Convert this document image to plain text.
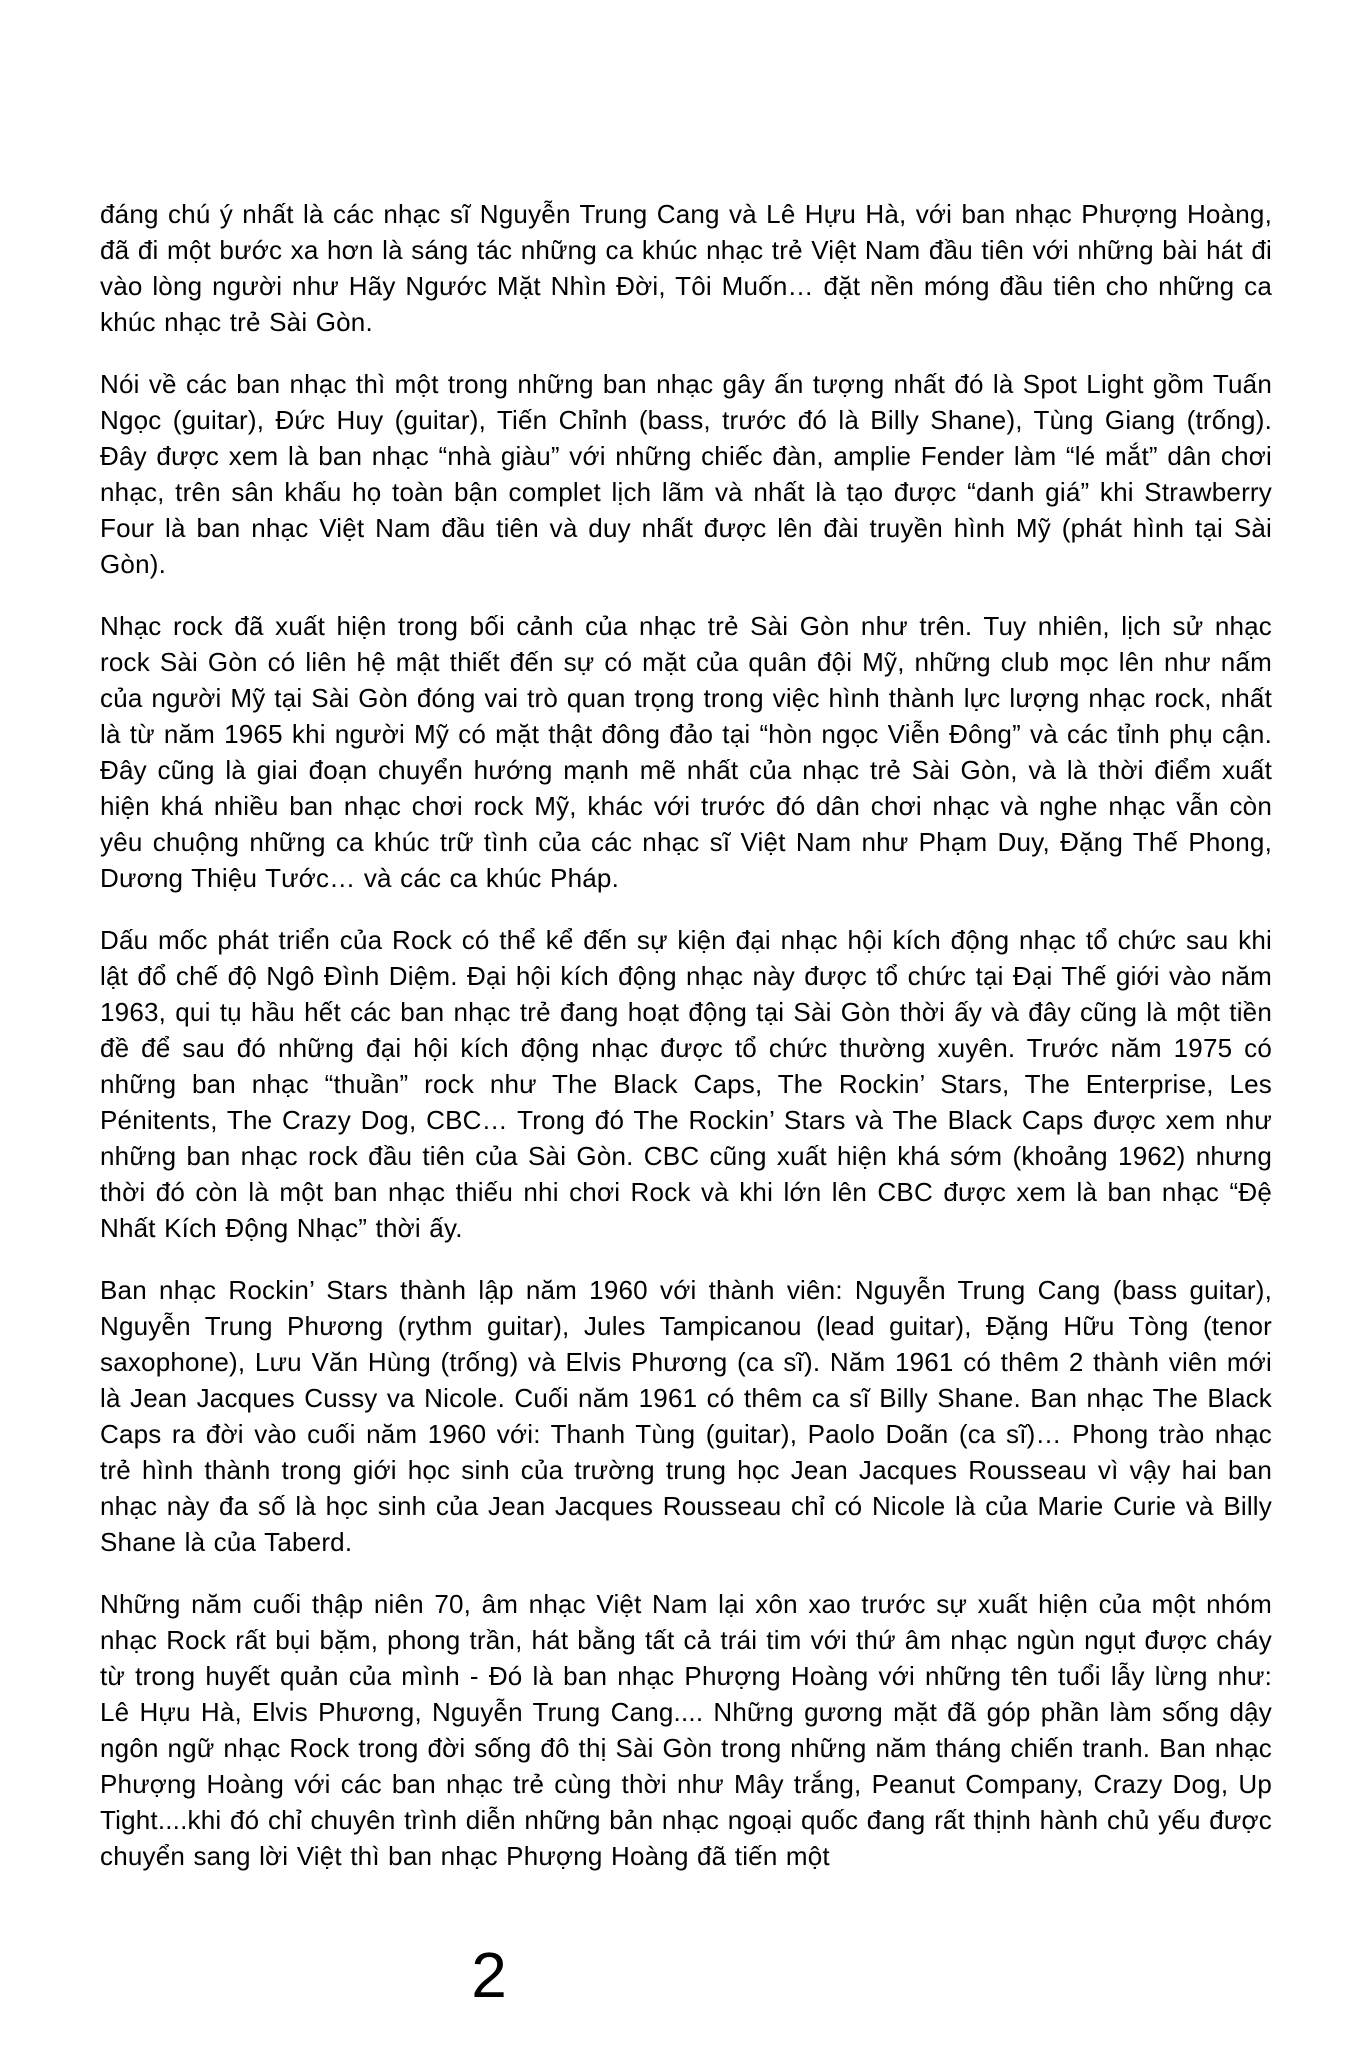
đáng chú ý nhất là các nhạc sĩ Nguyễn Trung Cang và Lê Hựu Hà, với ban nhạc Phượng Hoàng, đã đi một bước xa hơn là sáng tác những ca khúc nhạc trẻ Việt Nam đầu tiên với những bài hát đi vào lòng người như Hãy Ngước Mặt Nhìn Đời, Tôi Muốn… đặt nền móng đầu tiên cho những ca khúc nhạc trẻ Sài Gòn.

Nói về các ban nhạc thì một trong những ban nhạc gây ấn tượng nhất đó là Spot Light gồm Tuấn Ngọc (guitar), Đức Huy (guitar), Tiến Chỉnh (bass, trước đó là Billy Shane), Tùng Giang (trống). Đây được xem là ban nhạc “nhà giàu” với những chiếc đàn, amplie Fender làm “lé mắt” dân chơi nhạc, trên sân khấu họ toàn bận complet lịch lãm và nhất là tạo được “danh giá” khi Strawberry Four là ban nhạc Việt Nam đầu tiên và duy nhất được lên đài truyền hình Mỹ (phát hình tại Sài Gòn).

Nhạc rock đã xuất hiện trong bối cảnh của nhạc trẻ Sài Gòn như trên. Tuy nhiên, lịch sử nhạc rock Sài Gòn có liên hệ mật thiết đến sự có mặt của quân đội Mỹ, những club mọc lên như nấm của người Mỹ tại Sài Gòn đóng vai trò quan trọng trong việc hình thành lực lượng nhạc rock, nhất là từ năm 1965 khi người Mỹ có mặt thật đông đảo tại “hòn ngọc Viễn Đông” và các tỉnh phụ cận. Đây cũng là giai đoạn chuyển hướng mạnh mẽ nhất của nhạc trẻ Sài Gòn, và là thời điểm xuất hiện khá nhiều ban nhạc chơi rock Mỹ, khác với trước đó dân chơi nhạc và nghe nhạc vẫn còn yêu chuộng những ca khúc trữ tình của các nhạc sĩ Việt Nam như Phạm Duy, Đặng Thế Phong, Dương Thiệu Tước… và các ca khúc Pháp.

Dấu mốc phát triển của Rock có thể kể đến sự kiện đại nhạc hội kích động nhạc tổ chức sau khi lật đổ chế độ Ngô Đình Diệm. Đại hội kích động nhạc này được tổ chức tại Đại Thế giới vào năm 1963, qui tụ hầu hết các ban nhạc trẻ đang hoạt động tại Sài Gòn thời ấy và đây cũng là một tiền đề để sau đó những đại hội kích động nhạc được tổ chức thường xuyên. Trước năm 1975 có những ban nhạc “thuần” rock như The Black Caps, The Rockin’ Stars, The Enterprise, Les Pénitents, The Crazy Dog, CBC… Trong đó The Rockin’ Stars và The Black Caps được xem như những ban nhạc rock đầu tiên của Sài Gòn. CBC cũng xuất hiện khá sớm (khoảng 1962) nhưng thời đó còn là một ban nhạc thiếu nhi chơi Rock và khi lớn lên CBC được xem là ban nhạc “Đệ Nhất Kích Động Nhạc” thời ấy.

Ban nhạc Rockin’ Stars thành lập năm 1960 với thành viên: Nguyễn Trung Cang (bass guitar), Nguyễn Trung Phương (rythm guitar), Jules Tampicanou (lead guitar), Đặng Hữu Tòng (tenor saxophone), Lưu Văn Hùng (trống) và Elvis Phương (ca sĩ). Năm 1961 có thêm 2 thành viên mới là Jean Jacques Cussy va Nicole. Cuối năm 1961 có thêm ca sĩ Billy Shane. Ban nhạc The Black Caps ra đời vào cuối năm 1960 với: Thanh Tùng (guitar), Paolo Doãn (ca sĩ)… Phong trào nhạc trẻ hình thành trong giới học sinh của trường trung học Jean Jacques Rousseau vì vậy hai ban nhạc này đa số là học sinh của Jean Jacques Rousseau chỉ có Nicole là của Marie Curie và Billy Shane là của Taberd.

Những năm cuối thập niên 70, âm nhạc Việt Nam lại xôn xao trước sự xuất hiện của một nhóm nhạc Rock rất bụi bặm, phong trần, hát bằng tất cả trái tim với thứ âm nhạc ngùn ngụt được cháy từ trong huyết quản của mình - Đó là ban nhạc Phượng Hoàng với những tên tuổi lẫy lừng như: Lê Hựu Hà, Elvis Phương, Nguyễn Trung Cang.... Những gương mặt đã góp phần làm sống dậy ngôn ngữ nhạc Rock trong đời sống đô thị Sài Gòn trong những năm tháng chiến tranh. Ban nhạc Phượng Hoàng với các ban nhạc trẻ cùng thời như Mây trắng, Peanut Company, Crazy Dog, Up Tight....khi đó chỉ chuyên trình diễn những bản nhạc ngoại quốc đang rất thịnh hành chủ yếu được chuyển sang lời Việt thì ban nhạc Phượng Hoàng đã tiến một

2
